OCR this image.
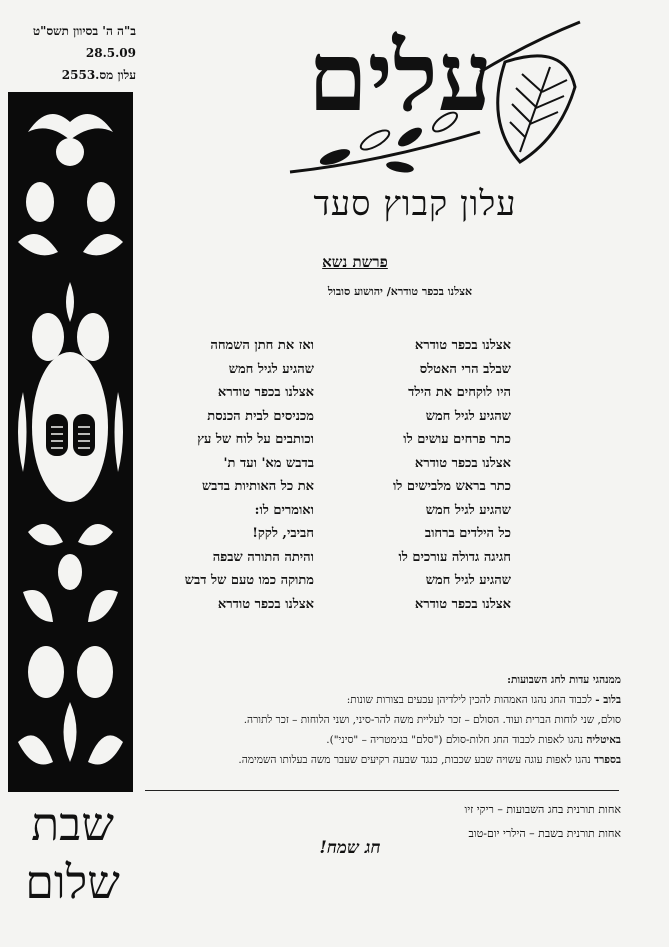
ב"ה ה' בסיוון תשס"ט
28.5.09
עלון מס.2553 עלים
עלון קבוץ סעד
פרשת נשא
אצלנו בכפר טודרא/ יהושוע סובול
אצלנו בכפר טודרא
שבלב הרי האטלס
היו לוקחים את הילד
שהגיע לגיל חמש
כתר פרחים עושים לו
אצלנו בכפר טודרא
כתר בראש מלבישים לו
שהגיע לגיל חמש
כל הילדים ברחוב
חגיגה גדולה עורכים לו
שהגיע לגיל חמש
אצלנו בכפר טודרא
ואז את חתן השמחה
שהגיע לגיל חמש
אצלנו בכפר טודרא
מכניסים לבית הכנסת
וכותבים על לוח של עץ
בדבש מא' ועד ת'
את כל האותיות בדבש
ואומרים לו:
חביבי, לקק!
והיתה התורה שבפה
מתוקה כמו טעם של דבש
אצלנו בכפר טודרא
ממנהגי עדות לחג השבועות:
בלוב - לכבוד החג נהגו האמהות להכין לילדיהן עכעים בצורות שונות:
סולם, שני לוחות הברית ועוד. הסולם – זכר לעליית משה להר-סיני, ושני הלוחות – זכר לתורה.
באיטליה נהגו לאפות לכבוד החג חלות-סולם ("סלם" בגימטריה – "סיני").
בספרד נהגו לאפות עוגה עשויה שבע שכבות, כנגד שבעה רקיעים שעבר משה בעלותו השמימה.
אחות תורנית בחג השבועות – ריקי זיו
אחות תורנית בשבת – הילרי יום-טוב
חג שמח!
שבת
שלום
